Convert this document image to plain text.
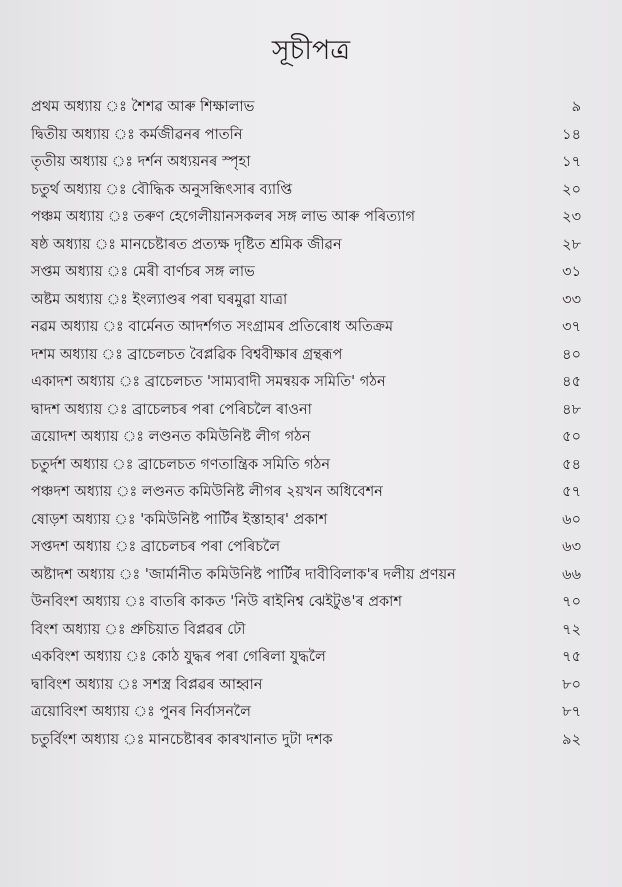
সূচীপত্ৰ
প্ৰথম অধ্যায় ঃ শৈশৱ আৰু শিক্ষালাভ	৯
দ্বিতীয় অধ্যায় ঃ কৰ্মজীৱনৰ পাতনি	১৪
তৃতীয় অধ্যায় ঃ দৰ্শন অধ্যয়নৰ স্পৃহা	১৭
চতুৰ্থ অধ্যায় ঃ বৌদ্ধিক অনুসন্ধিৎসাৰ ব্যাপ্তি	২০
পঞ্চম অধ্যায় ঃ তৰুণ হেগেলীয়ানসকলৰ সঙ্গ লাভ আৰু পৰিত্যাগ	২৩
ষষ্ঠ অধ্যায় ঃ মানচেষ্টাৰত প্ৰত্যক্ষ দৃষ্টিত শ্ৰমিক জীৱন	২৮
সপ্তম অধ্যায় ঃ মেৰী বাৰ্ণচৰ সঙ্গ লাভ	৩১
অষ্টম অধ্যায় ঃ ইংল্যাণ্ডৰ পৰা ঘৰমুৱা যাত্ৰা	৩৩
নৱম অধ্যায় ঃ বাৰ্মেনত আদৰ্শগত সংগ্ৰামৰ প্ৰতিৰোধ অতিক্ৰম	৩৭
দশম অধ্যায় ঃ ব্ৰাচেলচত বৈপ্লৱিক বিশ্ববীক্ষাৰ গ্ৰন্থৰূপ	৪০
একাদশ অধ্যায় ঃ ব্ৰাচেলচত 'সাম্যবাদী সমন্বয়ক সমিতি' গঠন	৪৫
দ্বাদশ অধ্যায় ঃ ব্ৰাচেলচৰ পৰা পেৰিচলৈ ৰাওনা	৪৮
ত্ৰয়োদশ অধ্যায় ঃ লণ্ডনত কমিউনিষ্ট লীগ গঠন	৫০
চতুৰ্দশ অধ্যায় ঃ ব্ৰাচেলচত গণতান্ত্ৰিক সমিতি গঠন	৫৪
পঞ্চদশ অধ্যায় ঃ লণ্ডনত কমিউনিষ্ট লীগৰ ২য়খন অধিবেশন	৫৭
ষোড়শ অধ্যায় ঃ 'কমিউনিষ্ট পাৰ্টিৰ ইস্তাহাৰ' প্ৰকাশ	৬০
সপ্তদশ অধ্যায় ঃ ব্ৰাচেলচৰ পৰা পেৰিচলৈ	৬৩
অষ্টাদশ অধ্যায় ঃ 'জাৰ্মানীত কমিউনিষ্ট পাৰ্টিৰ দাবীবিলাক'ৰ দলীয় প্ৰণয়ন	৬৬
উনবিংশ অধ্যায় ঃ বাতৰি কাকত 'নিউ ৰাইনিশ্ব ঝেইটুঙ'ৰ প্ৰকাশ	৭০
বিংশ অধ্যায় ঃ প্ৰুচিয়াত বিপ্লৱৰ ঢৌ	৭২
একবিংশ অধ্যায় ঃ কোঠ যুদ্ধৰ পৰা গেৰিলা যুদ্ধলৈ	৭৫
দ্বাবিংশ অধ্যায় ঃ সশস্ত্ৰ বিপ্লৱৰ আহ্বান	৮০
ত্ৰয়োবিংশ অধ্যায় ঃ পুনৰ নিৰ্বাসনলৈ	৮৭
চতুৰ্বিংশ অধ্যায় ঃ মানচেষ্টাৰৰ কাৰখানাত দুটা দশক	৯২
